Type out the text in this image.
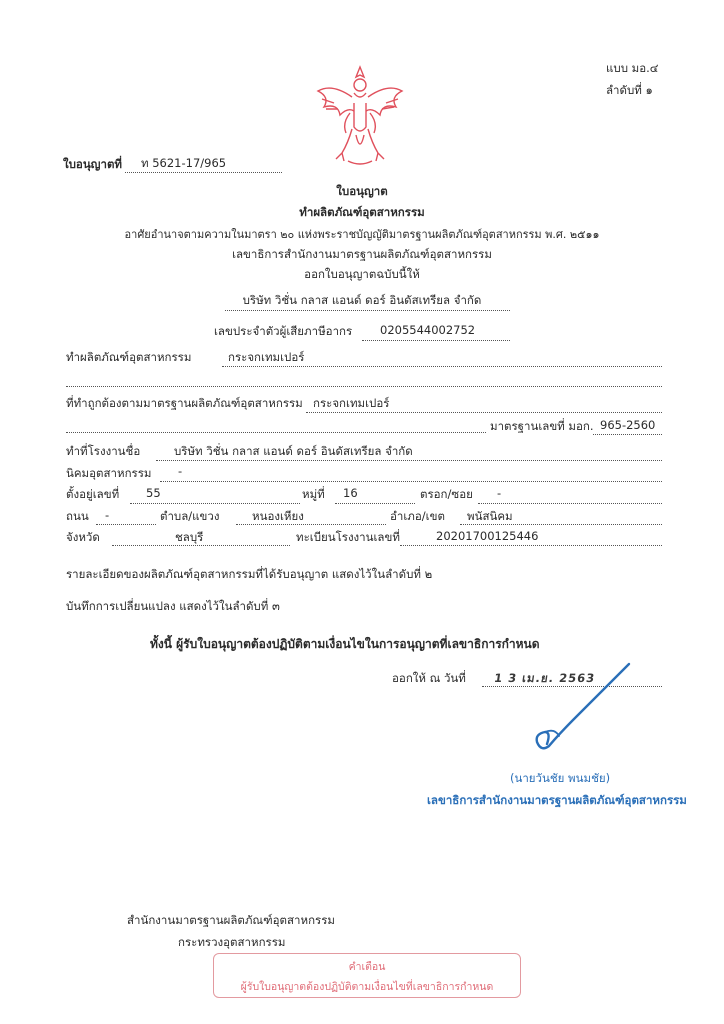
แบบ มอ.๔
ลำดับที่ ๑
ใบอนุญาตที่ ท 5621-17/965
ใบอนุญาต
ทำผลิตภัณฑ์อุตสาหกรรม
อาศัยอำนาจตามความในมาตรา ๒๐ แห่งพระราชบัญญัติมาตรฐานผลิตภัณฑ์อุตสาหกรรม พ.ศ. ๒๕๑๑
เลขาธิการสำนักงานมาตรฐานผลิตภัณฑ์อุตสาหกรรม
ออกใบอนุญาตฉบับนี้ให้
บริษัท วิชั่น กลาส แอนด์ ดอร์ อินดัสเทรียล จำกัด
เลขประจำตัวผู้เสียภาษีอากร 0205544002752
ทำผลิตภัณฑ์อุตสาหกรรม	กระจกเทมเปอร์
ที่ทำถูกต้องตามมาตรฐานผลิตภัณฑ์อุตสาหกรรม กระจกเทมเปอร์
มาตรฐานเลขที่ มอก. 965-2560
ทำที่โรงงานชื่อ	บริษัท วิชั่น กลาส แอนด์ ดอร์ อินดัสเทรียล จำกัด
นิคมอุตสาหกรรม -
ตั้งอยู่เลขที่ 55	หมู่ที่ 16	ตรอก/ซอย -
ถนน -	ตำบล/แขวง	หนองเหียง	อำเภอ/เขต พนัสนิคม
จังหวัด	ชลบุรี	ทะเบียนโรงงานเลขที่	20201700125446
รายละเอียดของผลิตภัณฑ์อุตสาหกรรมที่ได้รับอนุญาต แสดงไว้ในลำดับที่ ๒
บันทึกการเปลี่ยนแปลง แสดงไว้ในลำดับที่ ๓
ทั้งนี้ ผู้รับใบอนุญาตต้องปฏิบัติตามเงื่อนไขในการอนุญาตที่เลขาธิการกำหนด
ออกให้ ณ วันที่ 1 3 เม.ย. 2563
(นายวันชัย พนมชัย)
เลขาธิการสำนักงานมาตรฐานผลิตภัณฑ์อุตสาหกรรม
สำนักงานมาตรฐานผลิตภัณฑ์อุตสาหกรรม
กระทรวงอุตสาหกรรม
คำเตือน
ผู้รับใบอนุญาตต้องปฏิบัติตามเงื่อนไขที่เลขาธิการกำหนด
